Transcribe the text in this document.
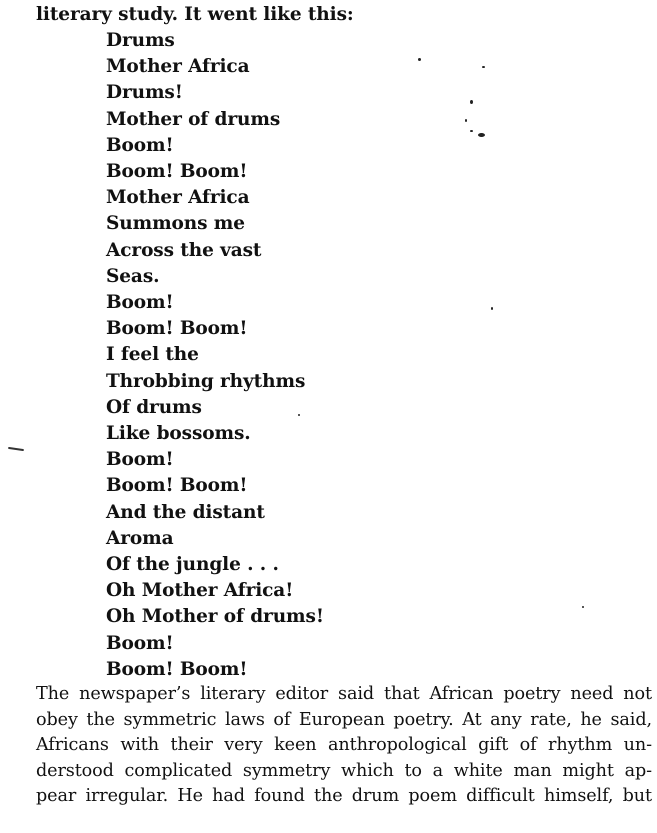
literary study. It went like this:
Drums
Mother Africa
Drums!
Mother of drums
Boom!
Boom! Boom!
Mother Africa
Summons me
Across the vast
Seas.
Boom!
Boom! Boom!
I feel the
Throbbing rhythms
Of drums
Like bossoms.
Boom!
Boom! Boom!
And the distant
Aroma
Of the jungle . . .
Oh Mother Africa!
Oh Mother of drums!
Boom!
Boom! Boom!
The newspaper’s literary editor said that African poetry need not
obey the symmetric laws of European poetry. At any rate, he said,
Africans with their very keen anthropological gift of rhythm un-
derstood complicated symmetry which to a white man might ap-
pear irregular. He had found the drum poem difficult himself, but
